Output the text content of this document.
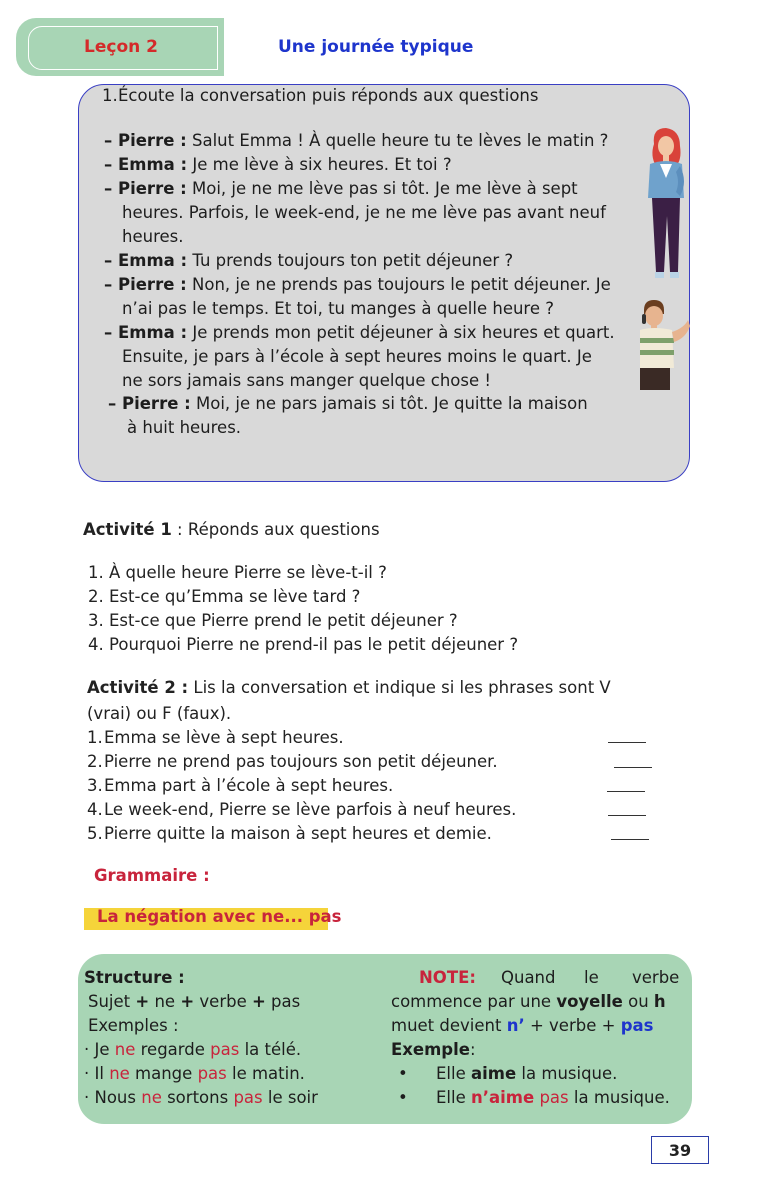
Leçon 2	Une journée typique
1. Écoute la conversation puis réponds aux questions
– Pierre : Salut Emma ! À quelle heure tu te lèves le matin ?
– Emma : Je me lève à six heures. Et toi ?
– Pierre : Moi, je ne me lève pas si tôt. Je me lève à sept
heures. Parfois, le week-end, je ne me lève pas avant neuf
heures.
– Emma : Tu prends toujours ton petit déjeuner ?
– Pierre : Non, je ne prends pas toujours le petit déjeuner. Je
n’ai pas le temps. Et toi, tu manges à quelle heure ?
– Emma : Je prends mon petit déjeuner à six heures et quart.
Ensuite, je pars à l’école à sept heures moins le quart. Je
ne sors jamais sans manger quelque chose !
– Pierre : Moi, je ne pars jamais si tôt. Je quitte la maison
à huit heures.
Activité 1 : Réponds aux questions
1. À quelle heure Pierre se lève-t-il ?
2. Est-ce qu’Emma se lève tard ?
3. Est-ce que Pierre prend le petit déjeuner ?
4. Pourquoi Pierre ne prend-il pas le petit déjeuner ?
Activité 2 : Lis la conversation et indique si les phrases sont V
(vrai) ou F (faux).
1. Emma se lève à sept heures.
2. Pierre ne prend pas toujours son petit déjeuner.
3. Emma part à l’école à sept heures.
4. Le week-end, Pierre se lève parfois à neuf heures.
5. Pierre quitte la maison à sept heures et demie.
Grammaire :
La négation avec ne... pas
Structure :
Sujet + ne + verbe + pas
Exemples :
· Je ne regarde pas la télé.
· Il ne mange pas le matin.
· Nous ne sortons pas le soir
NOTE: Quand le verbe
commence par une voyelle ou h
muet devient n’ + verbe + pas
Exemple:
• Elle aime la musique.
• Elle n’aime pas la musique.
39
